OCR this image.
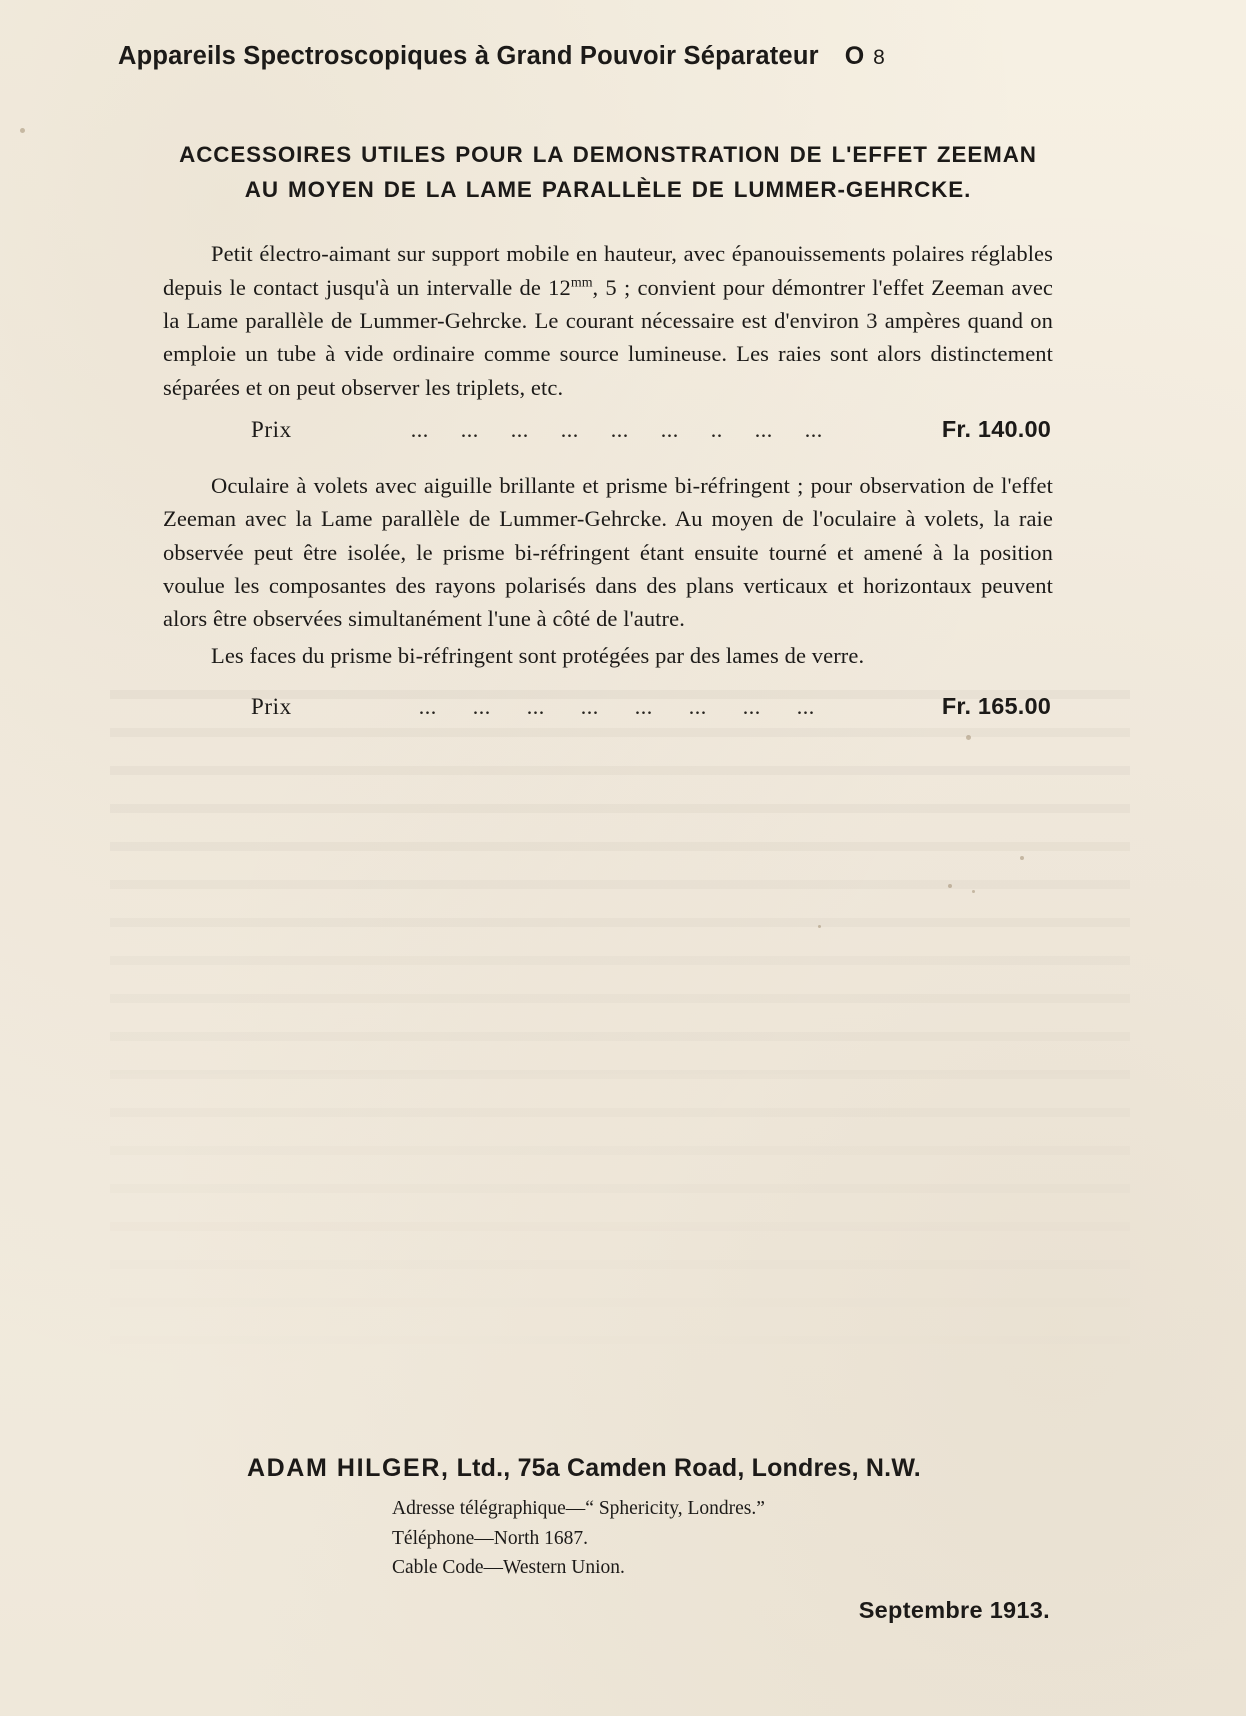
Appareils Spectroscopiques à Grand Pouvoir Séparateur O 8
ACCESSOIRES UTILES POUR LA DEMONSTRATION DE L'EFFET ZEEMAN
AU MOYEN DE LA LAME PARALLÈLE DE LUMMER-GEHRCKE.

Petit électro-aimant sur support mobile en hauteur, avec épanouissements polaires réglables depuis le contact jusqu'à un intervalle de $12^{mm}$, 5 ; convient pour démontrer l'effet Zeeman avec la Lame parallèle de Lummer-Gehrcke. Le courant nécessaire est d'environ 3 ampères quand on emploie un tube à vide ordinaire comme source lumineuse. Les raies sont alors distinctement séparées et on peut observer les triplets, etc.

Prix	... ... ... ... ... ... .. ... ...	Fr. 140.00

Oculaire à volets avec aiguille brillante et prisme bi-réfringent ; pour observation de l'effet Zeeman avec la Lame parallèle de Lummer-Gehrcke. Au moyen de l'oculaire à volets, la raie observée peut être isolée, le prisme bi-réfringent étant ensuite tourné et amené à la position voulue les composantes des rayons polarisés dans des plans verticaux et horizontaux peuvent alors être observées simultanément l'une à côté de l'autre.

Les faces du prisme bi-réfringent sont protégées par des lames de verre.

Prix	... ... ... ... ... ... ... ...	Fr. 165.00
ADAM HILGER, Ltd., 75a Camden Road, Londres, N.W.
Adresse télégraphique—“ Sphericity, Londres.”
Téléphone—North 1687.
Cable Code—Western Union.
Septembre 1913.
